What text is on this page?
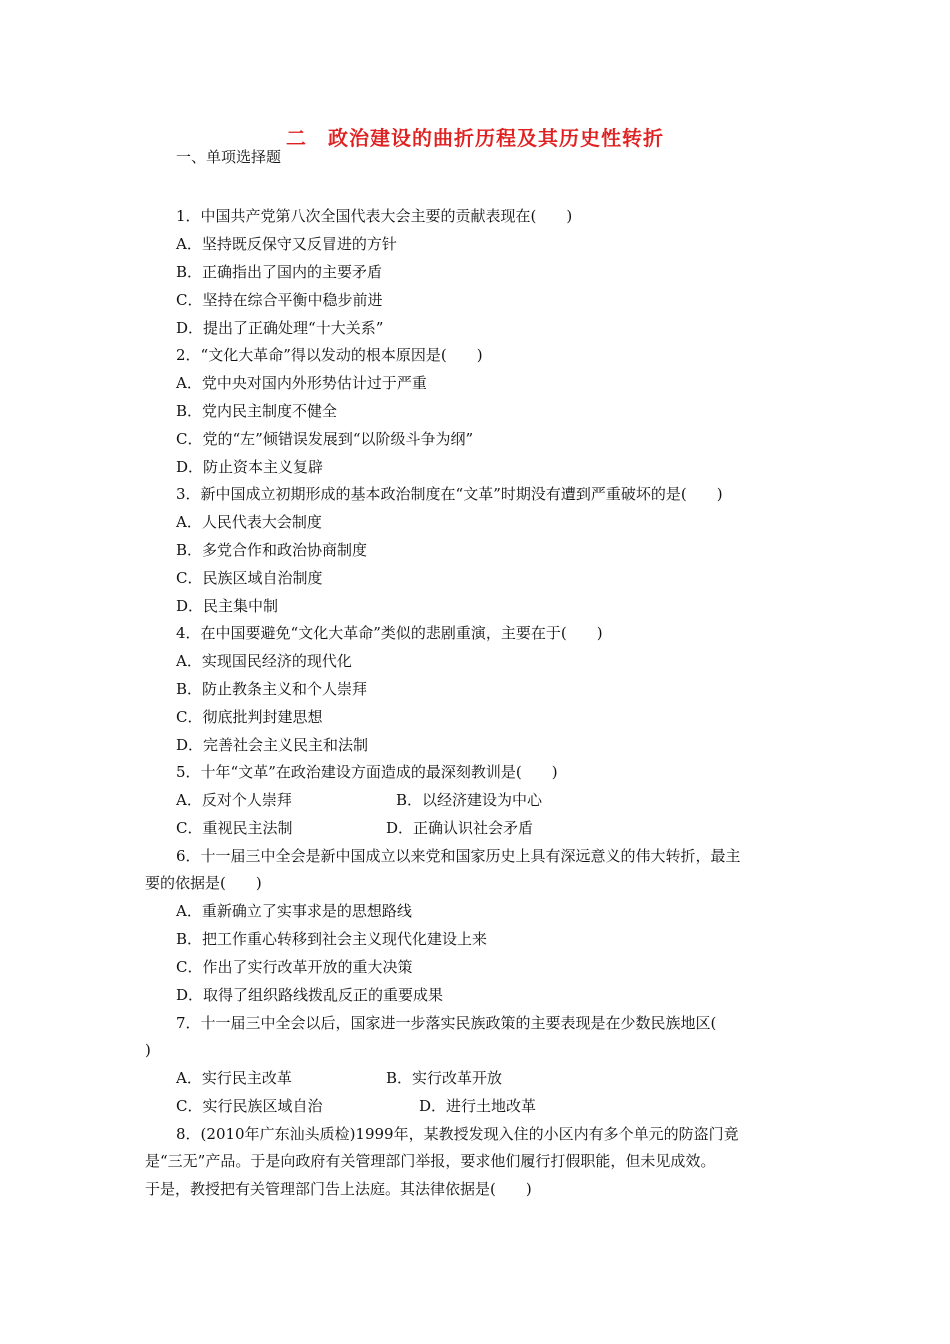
二　政治建设的曲折历程及其历史性转折
一、单项选择题
1．中国共产党第八次全国代表大会主要的贡献表现在(　　)
A．坚持既反保守又反冒进的方针
B．正确指出了国内的主要矛盾
C．坚持在综合平衡中稳步前进
D．提出了正确处理“十大关系”
2．“文化大革命”得以发动的根本原因是(　　)
A．党中央对国内外形势估计过于严重
B．党内民主制度不健全
C．党的“左”倾错误发展到“以阶级斗争为纲”
D．防止资本主义复辟
3．新中国成立初期形成的基本政治制度在“文革”时期没有遭到严重破坏的是(　　)
A．人民代表大会制度
B．多党合作和政治协商制度
C．民族区域自治制度
D．民主集中制
4．在中国要避免“文化大革命”类似的悲剧重演，主要在于(　　)
A．实现国民经济的现代化
B．防止教条主义和个人崇拜
C．彻底批判封建思想
D．完善社会主义民主和法制
5．十年“文革”在政治建设方面造成的最深刻教训是(　　)
A．反对个人崇拜	B．以经济建设为中心
C．重视民主法制	D．正确认识社会矛盾
6．十一届三中全会是新中国成立以来党和国家历史上具有深远意义的伟大转折，最主
要的依据是(　　)
A．重新确立了实事求是的思想路线
B．把工作重心转移到社会主义现代化建设上来
C．作出了实行改革开放的重大决策
D．取得了组织路线拨乱反正的重要成果
7．十一届三中全会以后，国家进一步落实民族政策的主要表现是在少数民族地区(
)
A．实行民主改革	B．实行改革开放
C．实行民族区域自治	D．进行土地改革
8．(2010年广东汕头质检)1999年，某教授发现入住的小区内有多个单元的防盗门竟
是“三无”产品。于是向政府有关管理部门举报，要求他们履行打假职能，但未见成效。
于是，教授把有关管理部门告上法庭。其法律依据是(　　)
